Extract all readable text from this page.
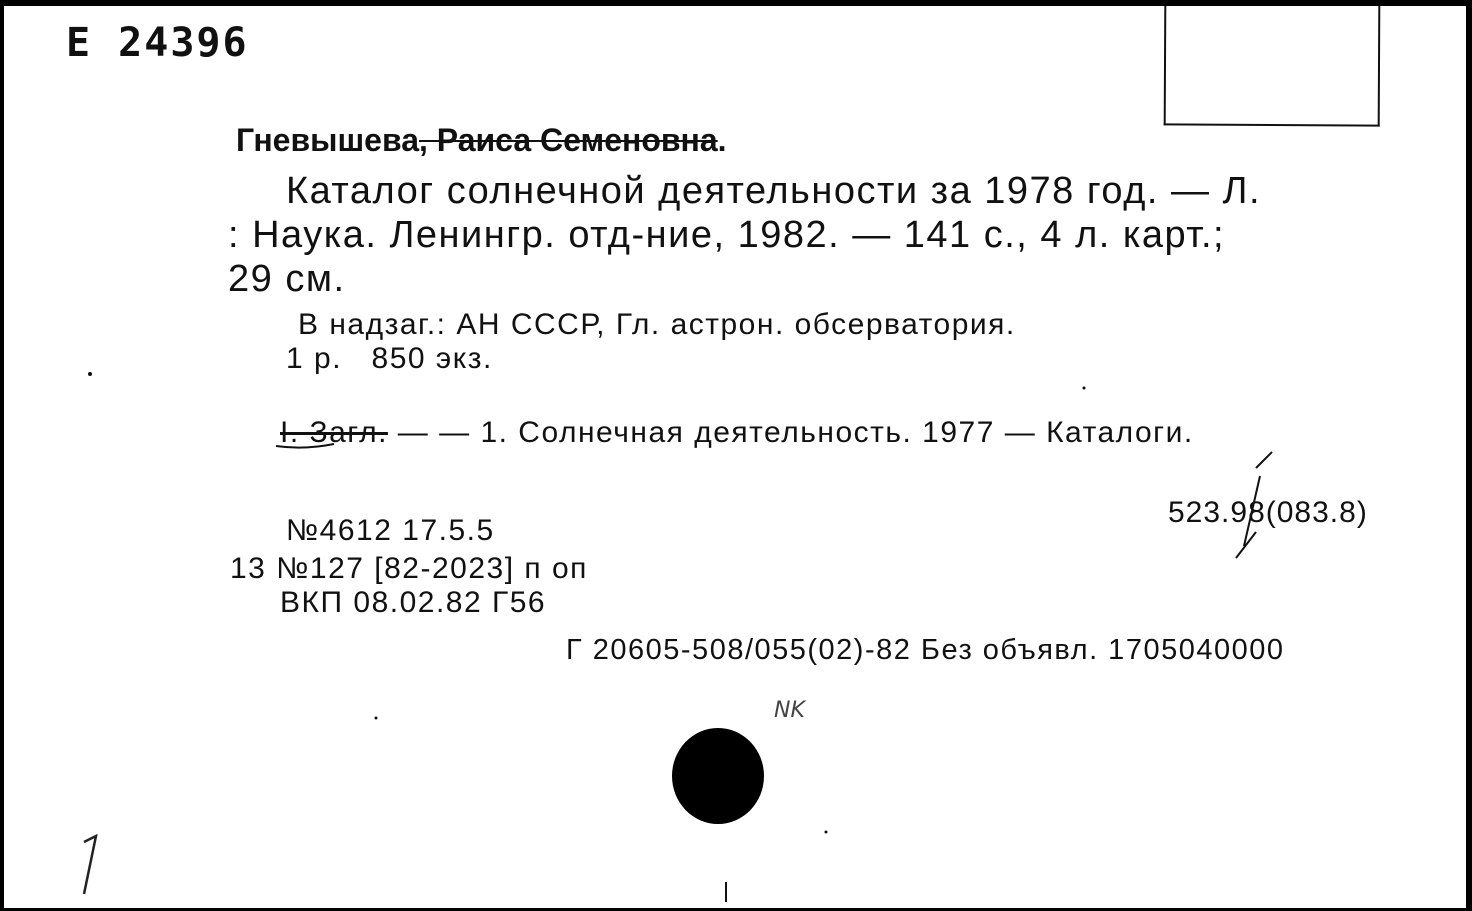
Е 24396
Гневышева, Раиса Семеновна.
Каталог солнечной деятельности за 1978 год. — Л.
: Наука. Ленингр. отд-ние, 1982. — 141 с., 4 л. карт.;
29 см.
В надзаг.: АН СССР, Гл. астрон. обсерватория.
1 р.   850 экз.
I. Загл. — — 1. Солнечная деятельность. 1977 — Каталоги.
523.98(083.8)
№4612 17.5.5
13 №127 [82-2023] п оп
ВКП 08.02.82 Г56
Г 20605-508/055(02)-82 Без объявл. 1705040000
NK
